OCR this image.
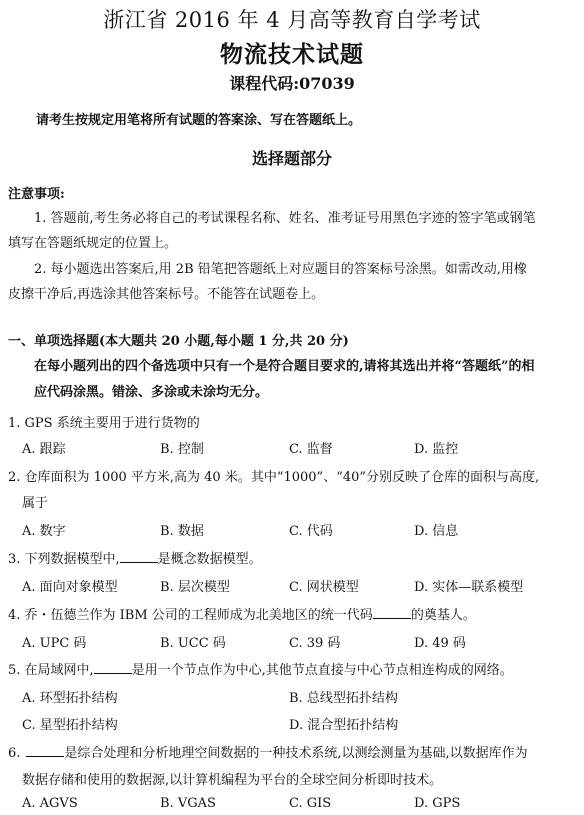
浙江省 2016 年 4 月高等教育自学考试
物流技术试题
课程代码:07039
请考生按规定用笔将所有试题的答案涂、写在答题纸上。
选择题部分
注意事项:
1. 答题前,考生务必将自己的考试课程名称、姓名、准考证号用黑色字迹的签字笔或钢笔
填写在答题纸规定的位置上。
2. 每小题选出答案后,用 2B 铅笔把答题纸上对应题目的答案标号涂黑。如需改动,用橡
皮擦干净后,再选涂其他答案标号。不能答在试题卷上。
一、单项选择题(本大题共 20 小题,每小题 1 分,共 20 分)
在每小题列出的四个备选项中只有一个是符合题目要求的,请将其选出并将“答题纸”的相
应代码涂黑。错涂、多涂或未涂均无分。
1. GPS 系统主要用于进行货物的
A. 跟踪	B. 控制	C. 监督	D. 监控
2. 仓库面积为 1000 平方米,高为 40 米。其中“1000”、“40”分别反映了仓库的面积与高度,
属于
A. 数字	B. 数据	C. 代码	D. 信息
3. 下列数据模型中,	是概念数据模型。
A. 面向对象模型	B. 层次模型	C. 网状模型	D. 实体—联系模型
4. 乔・伍德兰作为 IBM 公司的工程师成为北美地区的统一代码	的奠基人。
A. UPC 码	B. UCC 码	C. 39 码	D. 49 码
5. 在局域网中,	是用一个节点作为中心,其他节点直接与中心节点相连构成的网络。
A. 环型拓扑结构	B. 总线型拓扑结构
C. 星型拓扑结构	D. 混合型拓扑结构
6.	是综合处理和分析地理空间数据的一种技术系统,以测绘测量为基础,以数据库作为
数据存储和使用的数据源,以计算机编程为平台的全球空间分析即时技术。
A. AGVS	B. VGAS	C. GIS	D. GPS
